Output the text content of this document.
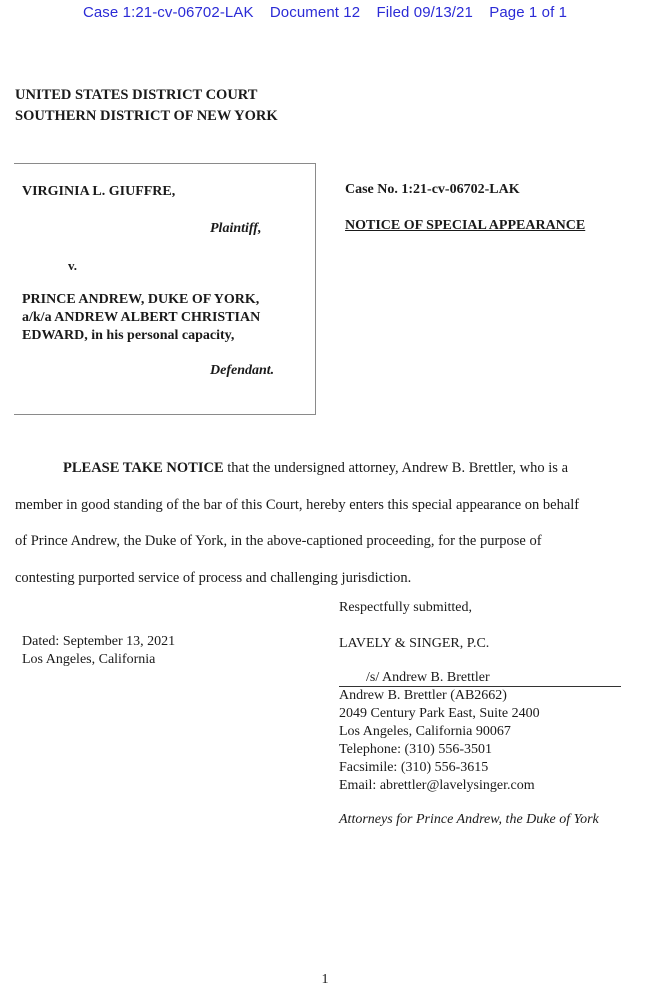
Case 1:21-cv-06702-LAK Document 12 Filed 09/13/21 Page 1 of 1
UNITED STATES DISTRICT COURT
SOUTHERN DISTRICT OF NEW YORK
VIRGINIA L. GIUFFRE,
Plaintiff,
v.
PRINCE ANDREW, DUKE OF YORK,
a/k/a ANDREW ALBERT CHRISTIAN
EDWARD, in his personal capacity,
Defendant.
Case No. 1:21-cv-06702-LAK
NOTICE OF SPECIAL APPEARANCE
PLEASE TAKE NOTICE that the undersigned attorney, Andrew B. Brettler, who is a
member in good standing of the bar of this Court, hereby enters this special appearance on behalf
of Prince Andrew, the Duke of York, in the above-captioned proceeding, for the purpose of
contesting purported service of process and challenging jurisdiction.
Dated: September 13, 2021
Los Angeles, California
Respectfully submitted,
LAVELY & SINGER, P.C.
/s/ Andrew B. Brettler
Andrew B. Brettler (AB2662)
2049 Century Park East, Suite 2400
Los Angeles, California 90067
Telephone: (310) 556-3501
Facsimile: (310) 556-3615
Email: abrettler@lavelysinger.com
Attorneys for Prince Andrew, the Duke of York
1
